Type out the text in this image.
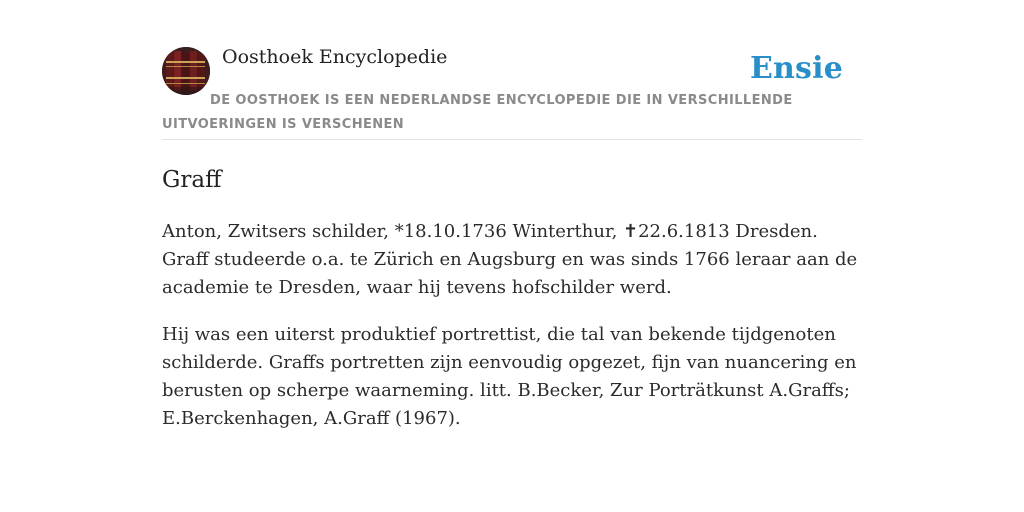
Oosthoek Encyclopedie	Ensie
DE OOSTHOEK IS EEN NEDERLANDSE ENCYCLOPEDIE DIE IN VERSCHILLENDE UITVOERINGEN IS VERSCHENEN
Graff

Anton, Zwitsers schilder, *18.10.1736 Winterthur, ✝22.6.1813 Dresden. Graff studeerde o.a. te Zürich en Augsburg en was sinds 1766 leraar aan de academie te Dresden, waar hij tevens hofschilder werd.

Hij was een uiterst produktief portrettist, die tal van bekende tijdgenoten schilderde. Graffs portretten zijn eenvoudig opgezet, fijn van nuancering en berusten op scherpe waarneming. litt. B.Becker, Zur Porträtkunst A.Graffs; E.Berckenhagen, A.Graff (1967).
